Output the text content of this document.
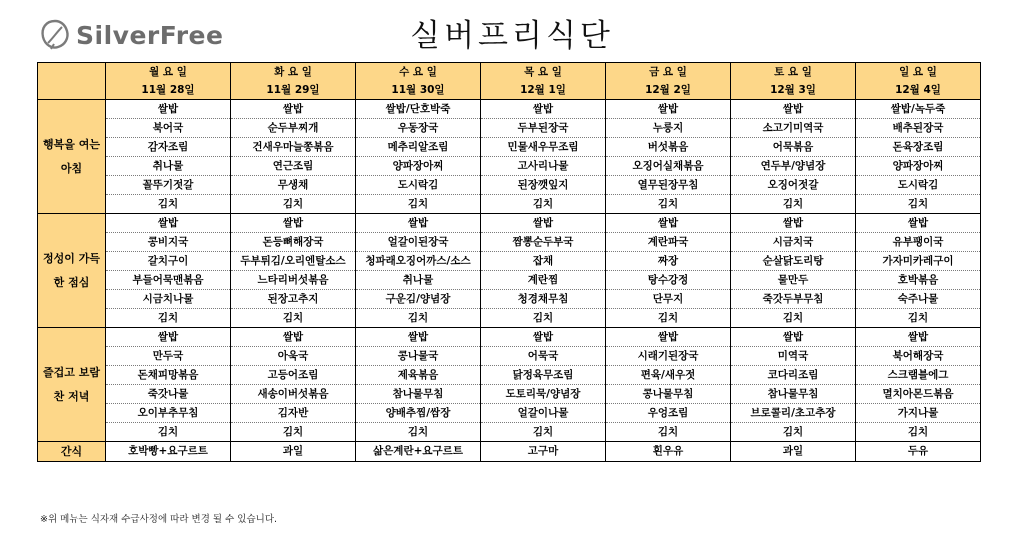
SilverFree	실버프리식단
	월 요 일	화 요 일	수 요 일	목 요 일	금 요 일	토 요 일	일 요 일
	11월 28일	11월 29일	11월 30일	12월 1일	12월 2일	12월 3일	12월 4일
행복을 여는 아침	쌀밥	쌀밥	쌀밥/단호박죽	쌀밥	쌀밥	쌀밥	쌀밥/녹두죽
	북어국	순두부찌개	우동장국	두부된장국	누룽지	소고기미역국	배추된장국
	감자조림	건새우마늘쫑볶음	메추리알조림	민물새우무조림	버섯볶음	어묵볶음	돈육장조림
	취나물	연근조림	양파장아찌	고사리나물	오징어실채볶음	연두부/양념장	양파장아찌
	꼴뚜기젓갈	무생채	도시락김	된장깻잎지	열무된장무침	오징어젓갈	도시락김
	김치	김치	김치	김치	김치	김치	김치
정성이 가득한 점심	쌀밥	쌀밥	쌀밥	쌀밥	쌀밥	쌀밥	쌀밥
	콩비지국	돈등뼈해장국	얼갈이된장국	짬뽕순두부국	계란파국	시금치국	유부팽이국
	갈치구이	두부튀김/오리엔탈소스	청파래오징어까스/소스	잡채	짜장	순살닭도리탕	가자미카레구이
	부들어묵맨볶음	느타리버섯볶음	취나물	계란찜	탕수강정	물만두	호박볶음
	시금치나물	된장고추지	구운김/양념장	청경채무침	단무지	죽갓두부무침	숙주나물
	김치	김치	김치	김치	김치	김치	김치
즐겁고 보람찬 저녁	쌀밥	쌀밥	쌀밥	쌀밥	쌀밥	쌀밥	쌀밥
	만두국	아욱국	콩나물국	어묵국	시래기된장국	미역국	북어해장국
	돈채피망볶음	고등어조림	제육볶음	닭정육무조림	편육/새우젓	코다리조림	스크램블에그
	죽갓나물	새송이버섯볶음	참나물무침	도토리묵/양념장	콩나물무침	참나물무침	멸치아몬드볶음
	오이부추무침	김자반	양배추찜/쌈장	얼갈이나물	우엉조림	브로콜리/초고추장	가지나물
	김치	김치	김치	김치	김치	김치	김치
간식	호박빵+요구르트	과일	삶은계란+요구르트	고구마	흰우유	과일	두유
※위 메뉴는 식자재 수급사정에 따라 변경 될 수 있습니다.
